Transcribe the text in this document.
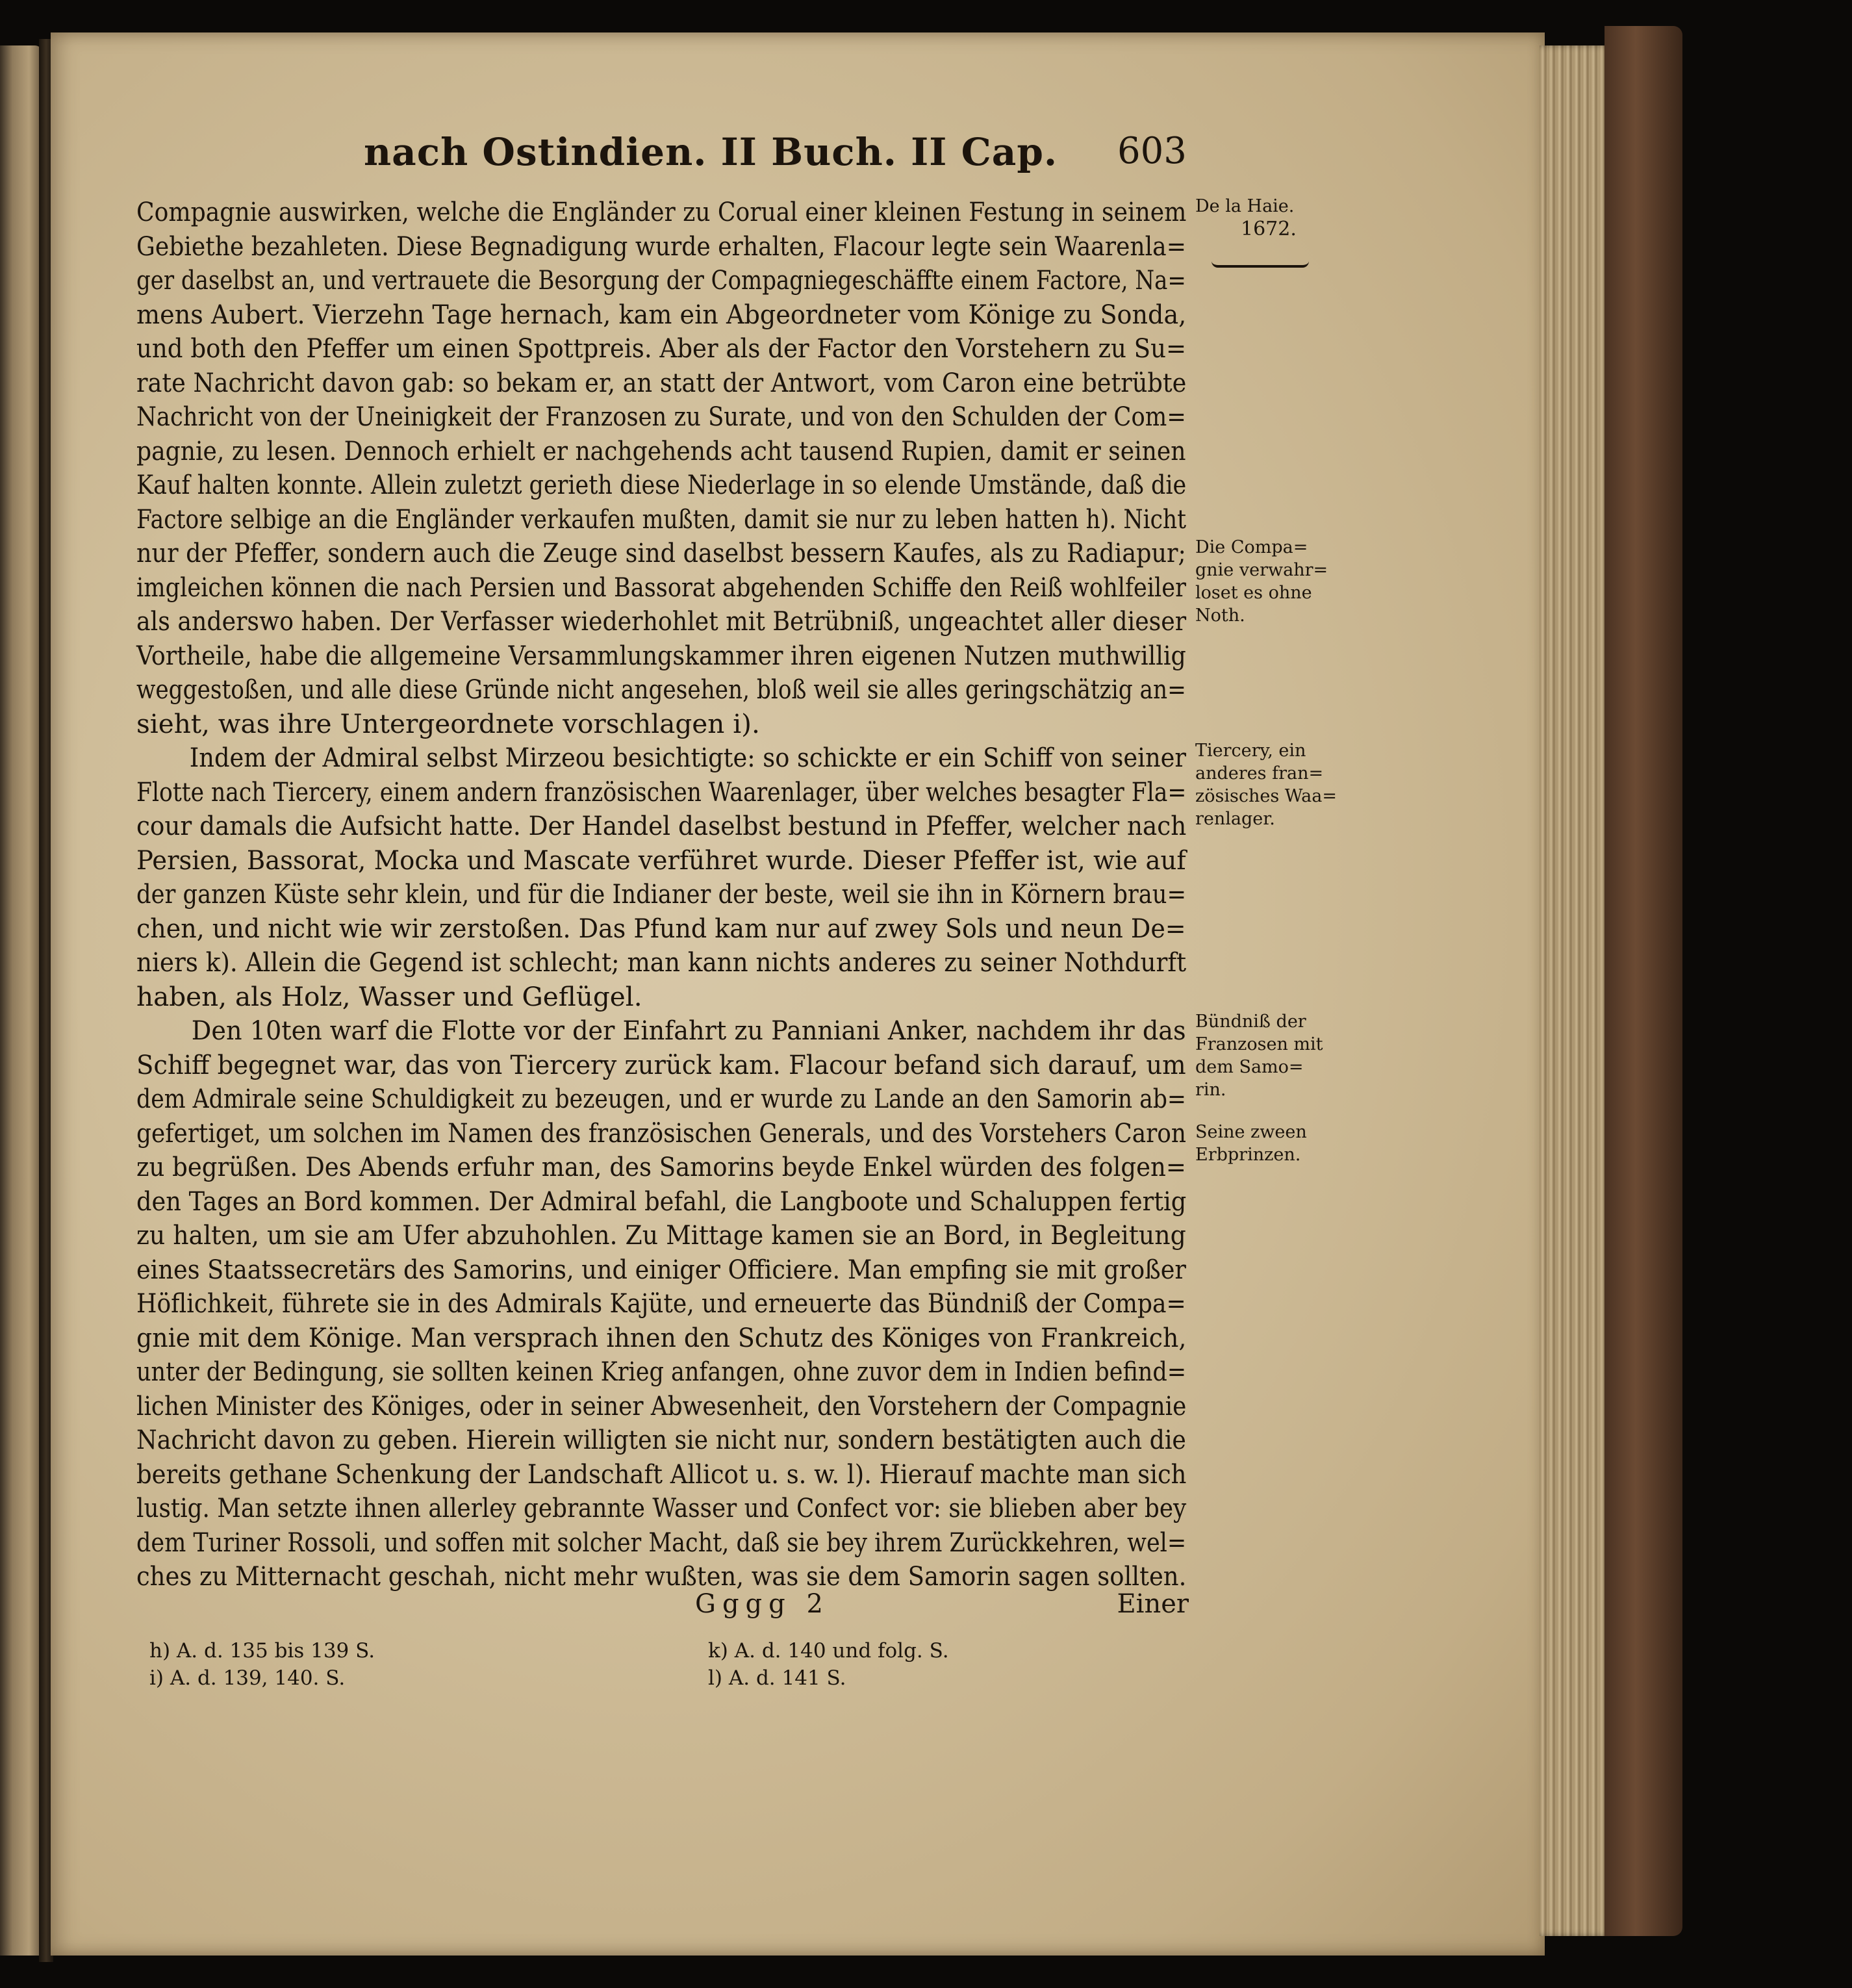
nach Ostindien. II Buch. II Cap. 603
Compagnie auswirken, welche die Engländer zu Corual einer kleinen Festung in seinem
Gebiethe bezahleten. Diese Begnadigung wurde erhalten, Flacour legte sein Waarenla=
ger daselbst an, und vertrauete die Besorgung der Compagniegeschäffte einem Factore, Na=
mens Aubert. Vierzehn Tage hernach, kam ein Abgeordneter vom Könige zu Sonda,
und both den Pfeffer um einen Spottpreis. Aber als der Factor den Vorstehern zu Su=
rate Nachricht davon gab: so bekam er, an statt der Antwort, vom Caron eine betrübte
Nachricht von der Uneinigkeit der Franzosen zu Surate, und von den Schulden der Com=
pagnie, zu lesen. Dennoch erhielt er nachgehends acht tausend Rupien, damit er seinen
Kauf halten konnte. Allein zuletzt gerieth diese Niederlage in so elende Umstände, daß die
Factore selbige an die Engländer verkaufen mußten, damit sie nur zu leben hatten h). Nicht
nur der Pfeffer, sondern auch die Zeuge sind daselbst bessern Kaufes, als zu Radiapur;
imgleichen können die nach Persien und Bassorat abgehenden Schiffe den Reiß wohlfeiler
als anderswo haben. Der Verfasser wiederhohlet mit Betrübniß, ungeachtet aller dieser
Vortheile, habe die allgemeine Versammlungskammer ihren eigenen Nutzen muthwillig
weggestoßen, und alle diese Gründe nicht angesehen, bloß weil sie alles geringschätzig an=
sieht, was ihre Untergeordnete vorschlagen i).
Indem der Admiral selbst Mirzeou besichtigte: so schickte er ein Schiff von seiner
Flotte nach Tiercery, einem andern französischen Waarenlager, über welches besagter Fla=
cour damals die Aufsicht hatte. Der Handel daselbst bestund in Pfeffer, welcher nach
Persien, Bassorat, Mocka und Mascate verführet wurde. Dieser Pfeffer ist, wie auf
der ganzen Küste sehr klein, und für die Indianer der beste, weil sie ihn in Körnern brau=
chen, und nicht wie wir zerstoßen. Das Pfund kam nur auf zwey Sols und neun De=
niers k). Allein die Gegend ist schlecht; man kann nichts anderes zu seiner Nothdurft
haben, als Holz, Wasser und Geflügel.
Den 10ten warf die Flotte vor der Einfahrt zu Panniani Anker, nachdem ihr das
Schiff begegnet war, das von Tiercery zurück kam. Flacour befand sich darauf, um
dem Admirale seine Schuldigkeit zu bezeugen, und er wurde zu Lande an den Samorin ab=
gefertiget, um solchen im Namen des französischen Generals, und des Vorstehers Caron
zu begrüßen. Des Abends erfuhr man, des Samorins beyde Enkel würden des folgen=
den Tages an Bord kommen. Der Admiral befahl, die Langboote und Schaluppen fertig
zu halten, um sie am Ufer abzuhohlen. Zu Mittage kamen sie an Bord, in Begleitung
eines Staatssecretärs des Samorins, und einiger Officiere. Man empfing sie mit großer
Höflichkeit, führete sie in des Admirals Kajüte, und erneuerte das Bündniß der Compa=
gnie mit dem Könige. Man versprach ihnen den Schutz des Königes von Frankreich,
unter der Bedingung, sie sollten keinen Krieg anfangen, ohne zuvor dem in Indien befind=
lichen Minister des Königes, oder in seiner Abwesenheit, den Vorstehern der Compagnie
Nachricht davon zu geben. Hierein willigten sie nicht nur, sondern bestätigten auch die
bereits gethane Schenkung der Landschaft Allicot u. s. w. l). Hierauf machte man sich
lustig. Man setzte ihnen allerley gebrannte Wasser und Confect vor: sie blieben aber bey
dem Turiner Rossoli, und soffen mit solcher Macht, daß sie bey ihrem Zurückkehren, wel=
ches zu Mitternacht geschah, nicht mehr wußten, was sie dem Samorin sagen sollten.
De la Haie.
1672.
Die Compa=
gnie verwahr=
loset es ohne
Noth.
Tiercery, ein
anderes fran=
zösisches Waa=
renlager.
Bündniß der
Franzosen mit
dem Samo=
rin.
Seine zween
Erbprinzen.
Gggg 2	Einer
h) A. d. 135 bis 139 S.
i) A. d. 139, 140. S.
k) A. d. 140 und folg. S.
l) A. d. 141 S.
